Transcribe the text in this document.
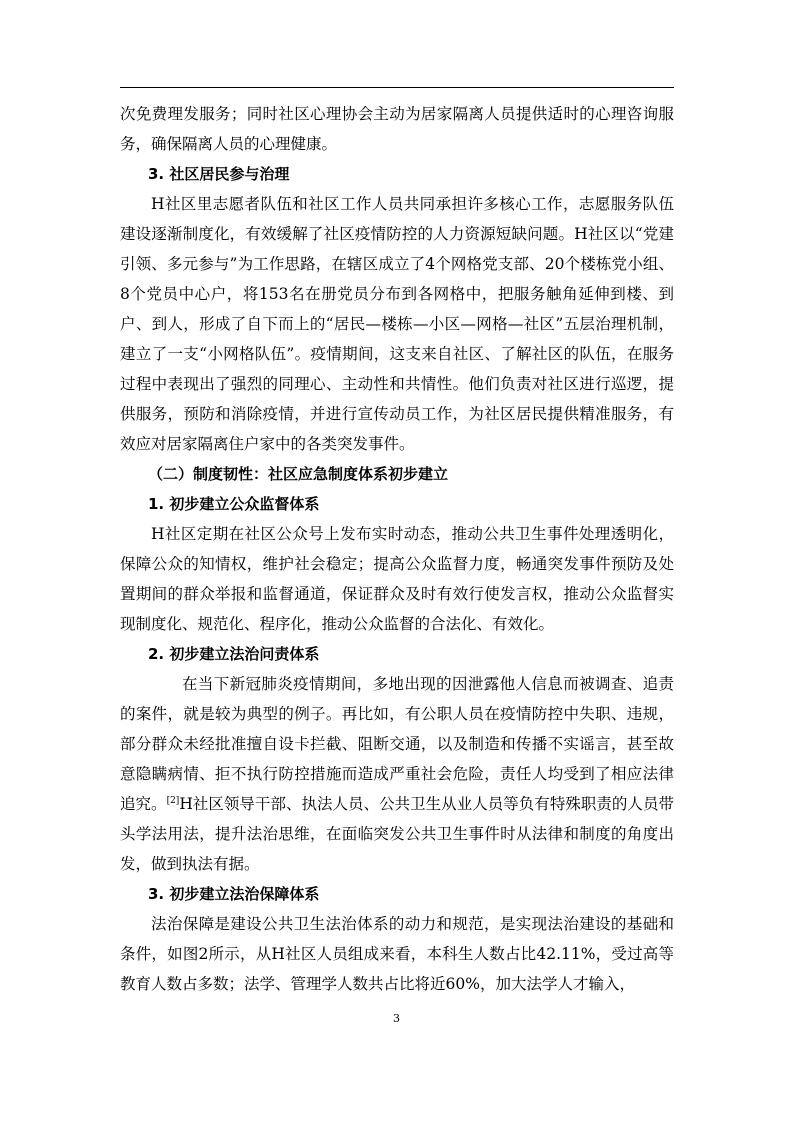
次免费理发服务；同时社区心理协会主动为居家隔离人员提供适时的心理咨询服务，确保隔离人员的心理健康。

3. 社区居民参与治理

H社区里志愿者队伍和社区工作人员共同承担许多核心工作，志愿服务队伍建设逐渐制度化，有效缓解了社区疫情防控的人力资源短缺问题。H社区以“党建引领、多元参与”为工作思路，在辖区成立了4个网格党支部、20个楼栋党小组、8个党员中心户，将153名在册党员分布到各网格中，把服务触角延伸到楼、到户、到人，形成了自下而上的“居民—楼栋—小区—网格—社区”五层治理机制，建立了一支“小网格队伍”。疫情期间，这支来自社区、了解社区的队伍，在服务过程中表现出了强烈的同理心、主动性和共情性。他们负责对社区进行巡逻，提供服务，预防和消除疫情，并进行宣传动员工作，为社区居民提供精准服务，有效应对居家隔离住户家中的各类突发事件。

（二）制度韧性：社区应急制度体系初步建立

1. 初步建立公众监督体系

H社区定期在社区公众号上发布实时动态，推动公共卫生事件处理透明化，保障公众的知情权，维护社会稳定；提高公众监督力度，畅通突发事件预防及处置期间的群众举报和监督通道，保证群众及时有效行使发言权，推动公众监督实现制度化、规范化、程序化，推动公众监督的合法化、有效化。

2. 初步建立法治问责体系

在当下新冠肺炎疫情期间，多地出现的因泄露他人信息而被调查、追责的案件，就是较为典型的例子。再比如，有公职人员在疫情防控中失职、违规，部分群众未经批准擅自设卡拦截、阻断交通，以及制造和传播不实谣言，甚至故意隐瞒病情、拒不执行防控措施而造成严重社会危险，责任人均受到了相应法律追究。[2]H社区领导干部、执法人员、公共卫生从业人员等负有特殊职责的人员带头学法用法，提升法治思维，在面临突发公共卫生事件时从法律和制度的角度出发，做到执法有据。

3. 初步建立法治保障体系

法治保障是建设公共卫生法治体系的动力和规范，是实现法治建设的基础和条件，如图2所示，从H社区人员组成来看，本科生人数占比42.11%，受过高等教育人数占多数；法学、管理学人数共占比将近60%，加大法学人才输入，

3
